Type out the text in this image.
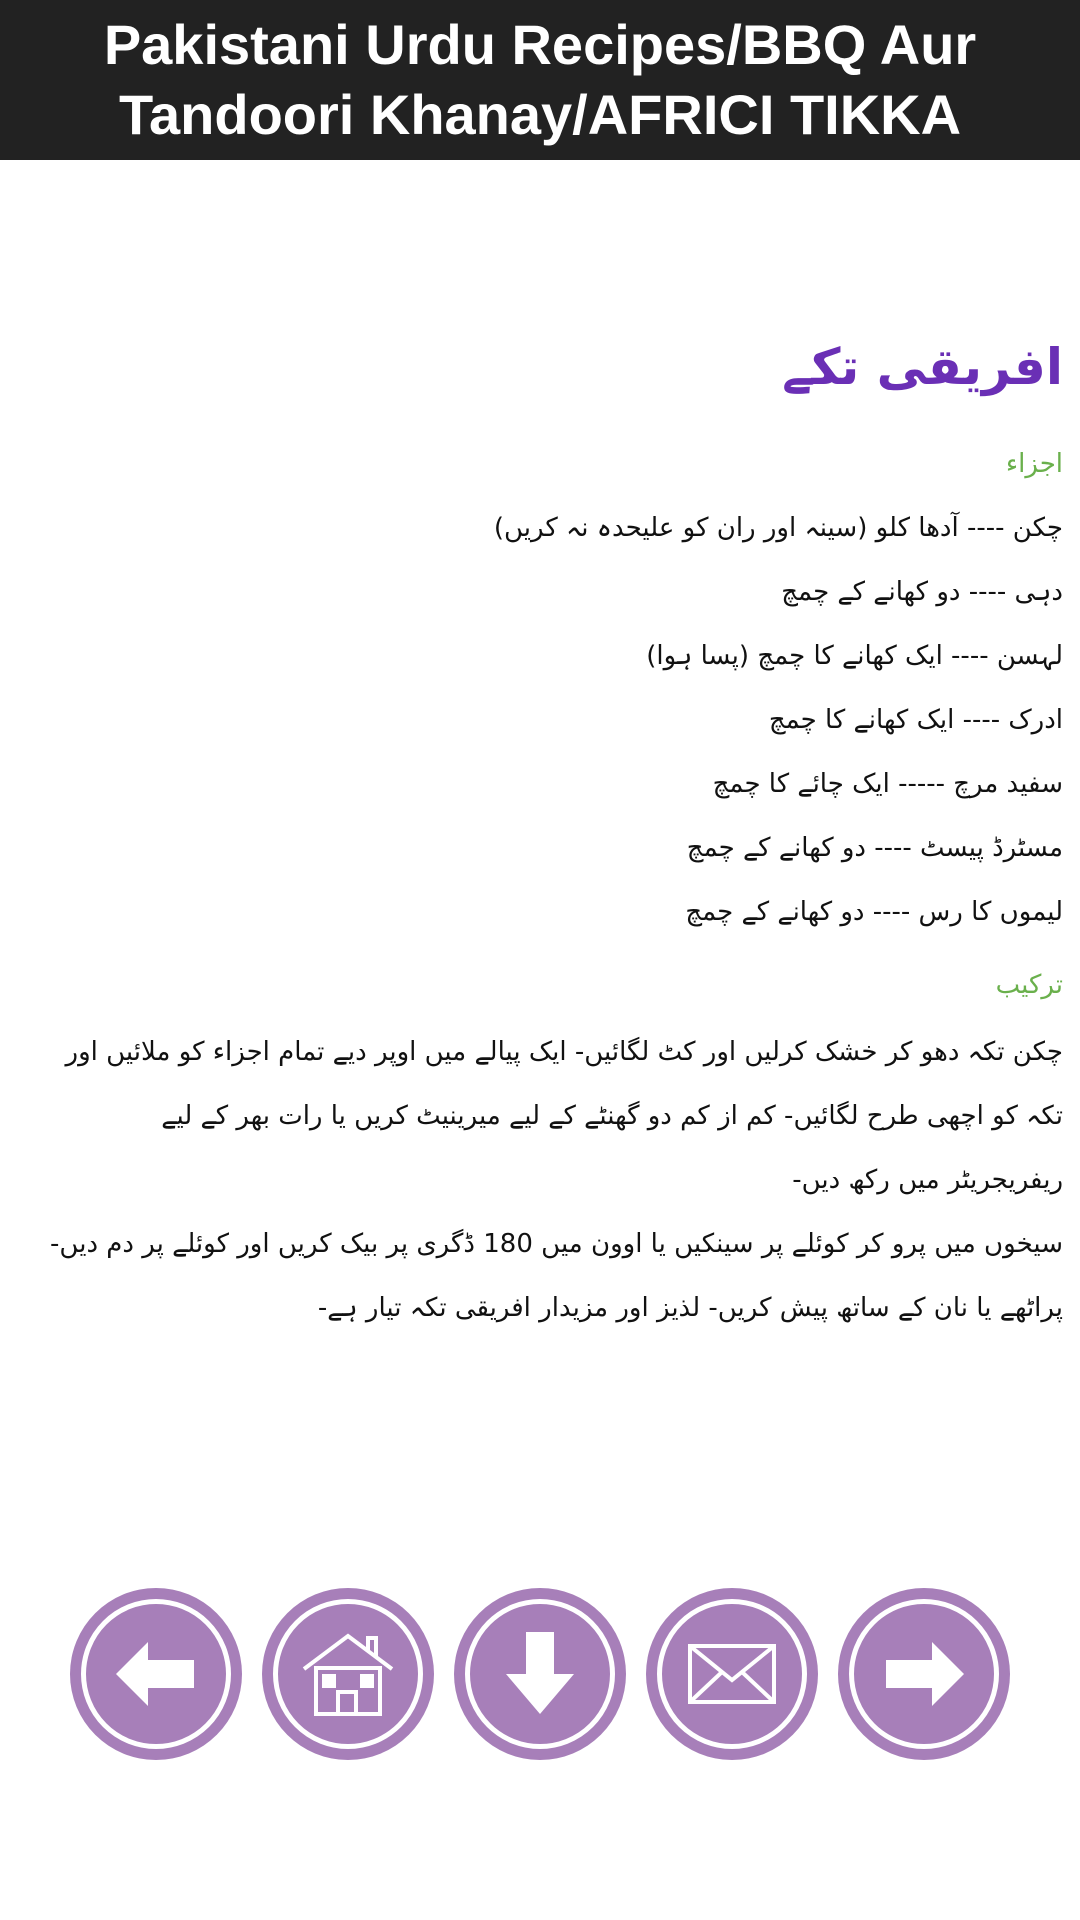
Pakistani Urdu Recipes/BBQ Aur
Tandoori Khanay/AFRICI TIKKA
افریقی تکے
اجزاء
چکن ---- آدھا کلو (سینہ اور ران کو علیحدہ نہ کریں)
دہی ---- دو کھانے کے چمچ
لہسن ---- ایک کھانے کا چمچ (پسا ہوا)
ادرک ---- ایک کھانے کا چمچ
سفید مرچ ----- ایک چائے کا چمچ
مسٹرڈ پیسٹ ---- دو کھانے کے چمچ
لیموں کا رس ---- دو کھانے کے چمچ
ترکیب
چکن تکہ دھو کر خشک کرلیں اور کٹ لگائیں- ایک پیالے میں اوپر دیے تمام اجزاء کو ملائیں اور تکہ کو اچھی طرح لگائیں- کم از کم دو گھنٹے کے لیے میرینیٹ کریں یا رات بھر کے لیے ریفریجریٹر میں رکھ دیں-
سیخوں میں پرو کر کوئلے پر سینکیں یا اوون میں 180 ڈگری پر بیک کریں اور کوئلے پر دم دیں-
پراٹھے یا نان کے ساتھ پیش کریں- لذیز اور مزیدار افریقی تکہ تیار ہے-
